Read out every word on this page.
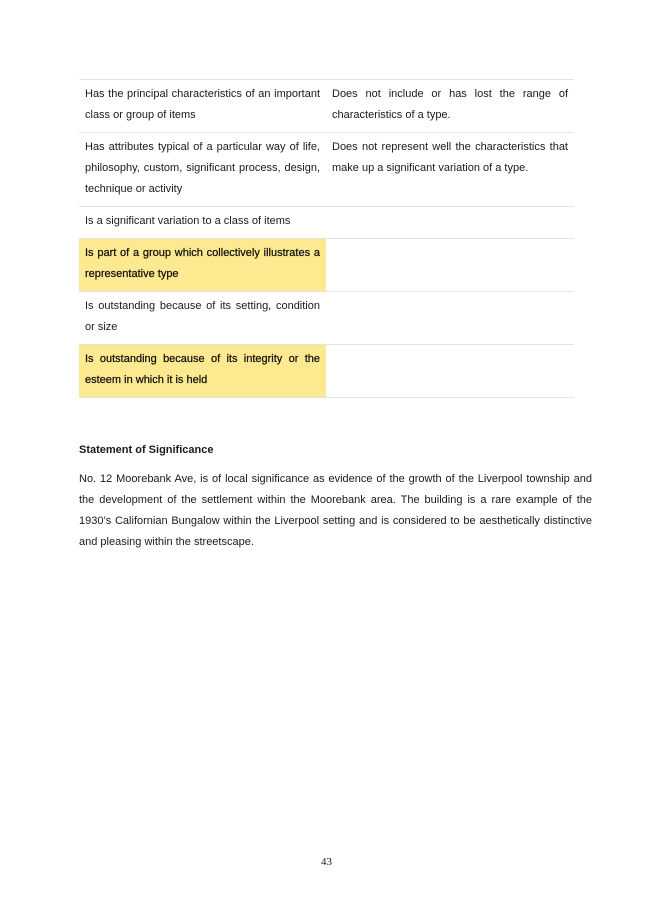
Has the principal characteristics of an important class or group of items	Does not include or has lost the range of characteristics of a type.
Has attributes typical of a particular way of life, philosophy, custom, significant process, design, technique or activity	Does not represent well the characteristics that make up a significant variation of a type.
Is a significant variation to a class of items	
Is part of a group which collectively illustrates a representative type	
Is outstanding because of its setting, condition or size	
Is outstanding because of its integrity or the esteem in which it is held	
Statement of Significance

No. 12 Moorebank Ave, is of local significance as evidence of the growth of the Liverpool township and the development of the settlement within the Moorebank area. The building is a rare example of the 1930’s Californian Bungalow within the Liverpool setting and is considered to be aesthetically distinctive and pleasing within the streetscape.

43
